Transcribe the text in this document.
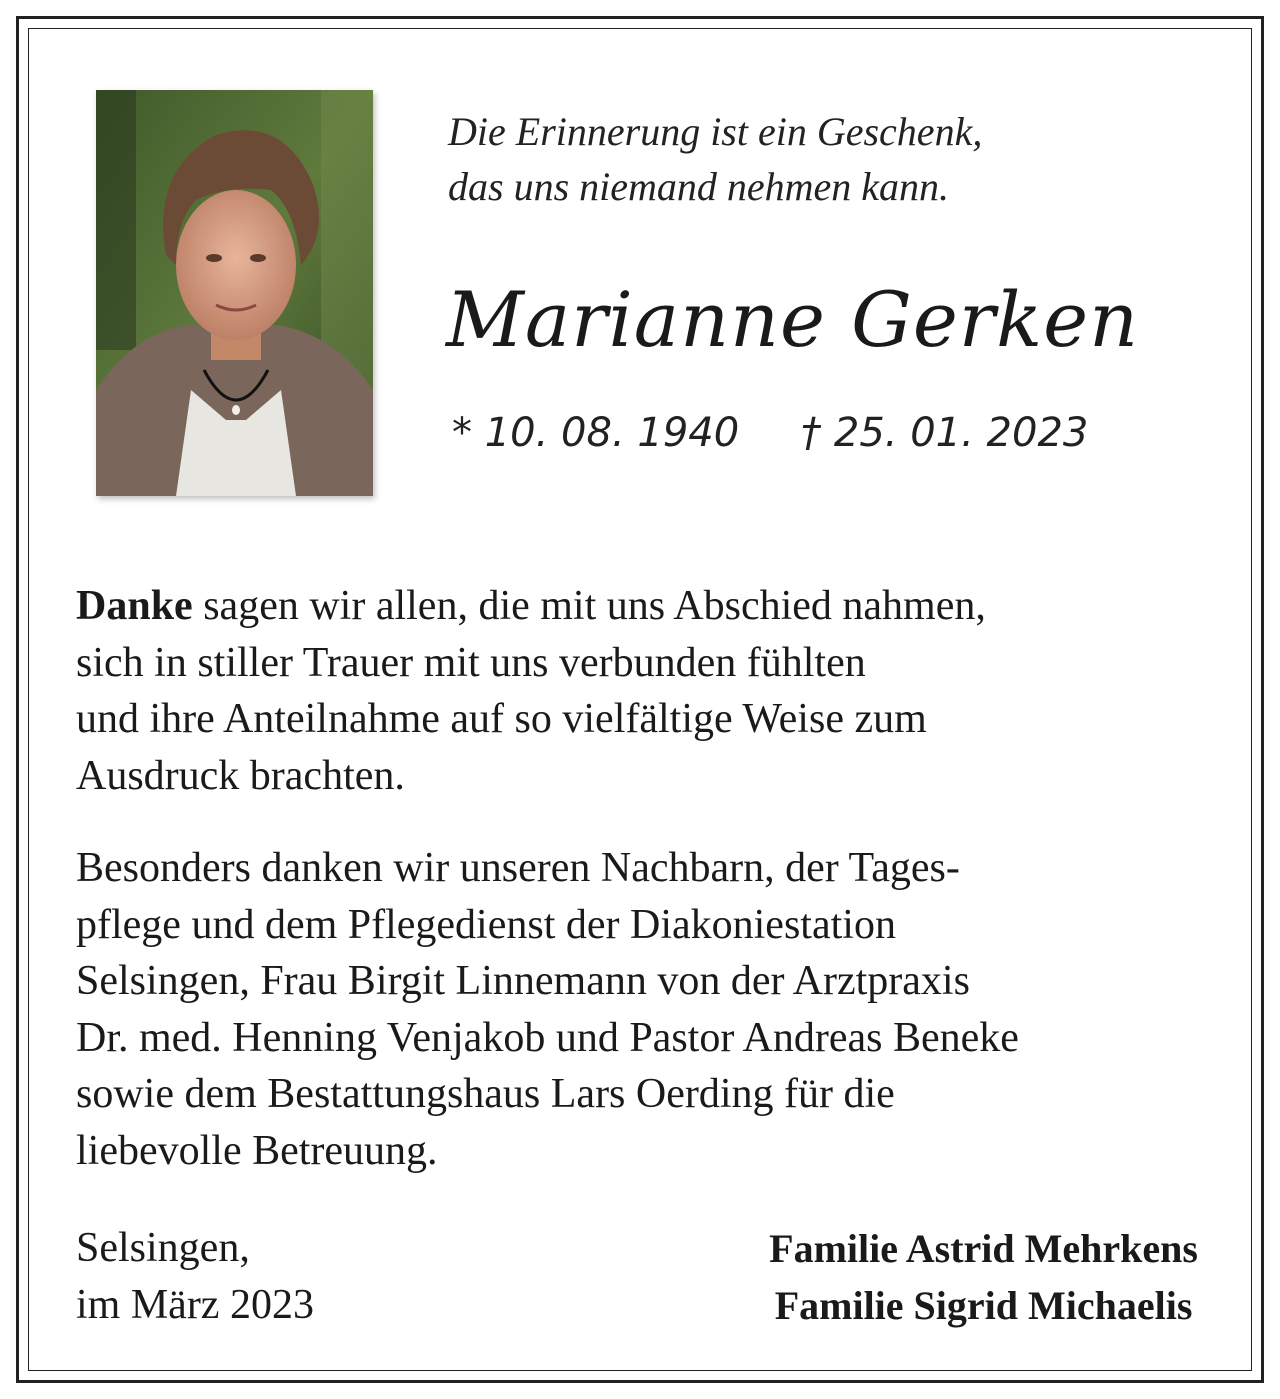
Die Erinnerung ist ein Geschenk,
das uns niemand nehmen kann.
Marianne Gerken
* 10. 08. 1940 † 25. 01. 2023
Danke sagen wir allen, die mit uns Abschied nahmen,
sich in stiller Trauer mit uns verbunden fühlten
und ihre Anteilnahme auf so vielfältige Weise zum
Ausdruck brachten.
Besonders danken wir unseren Nachbarn, der Tages-
pflege und dem Pflegedienst der Diakoniestation
Selsingen, Frau Birgit Linnemann von der Arztpraxis
Dr. med. Henning Venjakob und Pastor Andreas Beneke
sowie dem Bestattungshaus Lars Oerding für die
liebevolle Betreuung.
Selsingen,
im März 2023
Familie Astrid Mehrkens
Familie Sigrid Michaelis
